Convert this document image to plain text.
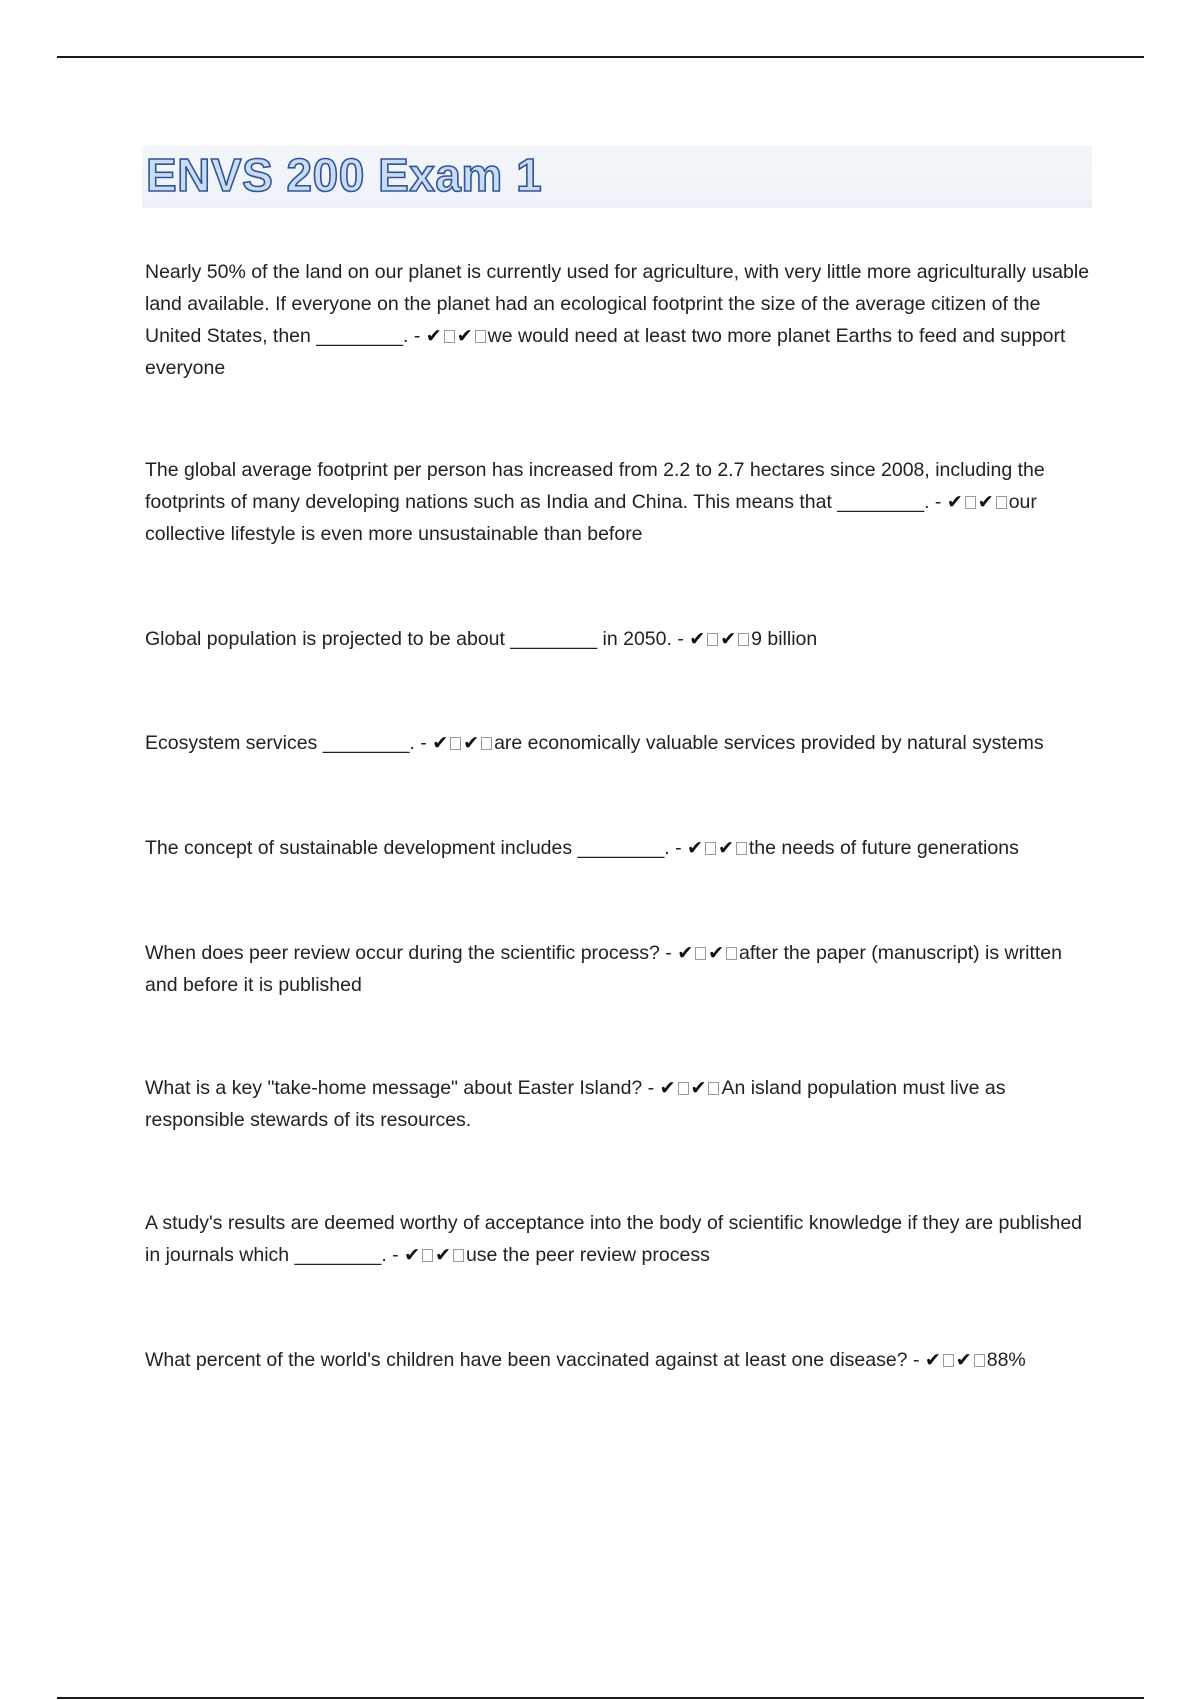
ENVS 200 Exam 1

Nearly 50% of the land on our planet is currently used for agriculture, with very little more agriculturally usable land available. If everyone on the planet had an ecological footprint the size of the average citizen of the United States, then ________. - ✔ ✔ we would need at least two more planet Earths to feed and support everyone

The global average footprint per person has increased from 2.2 to 2.7 hectares since 2008, including the footprints of many developing nations such as India and China. This means that ________. - ✔ ✔ our collective lifestyle is even more unsustainable than before

Global population is projected to be about ________ in 2050. - ✔ ✔ 9 billion

Ecosystem services ________. - ✔ ✔ are economically valuable services provided by natural systems

The concept of sustainable development includes ________. - ✔ ✔ the needs of future generations

When does peer review occur during the scientific process? - ✔ ✔ after the paper (manuscript) is written and before it is published

What is a key "take-home message" about Easter Island? - ✔ ✔ An island population must live as responsible stewards of its resources.

A study's results are deemed worthy of acceptance into the body of scientific knowledge if they are published in journals which ________. - ✔ ✔ use the peer review process

What percent of the world's children have been vaccinated against at least one disease? - ✔ ✔ 88%
